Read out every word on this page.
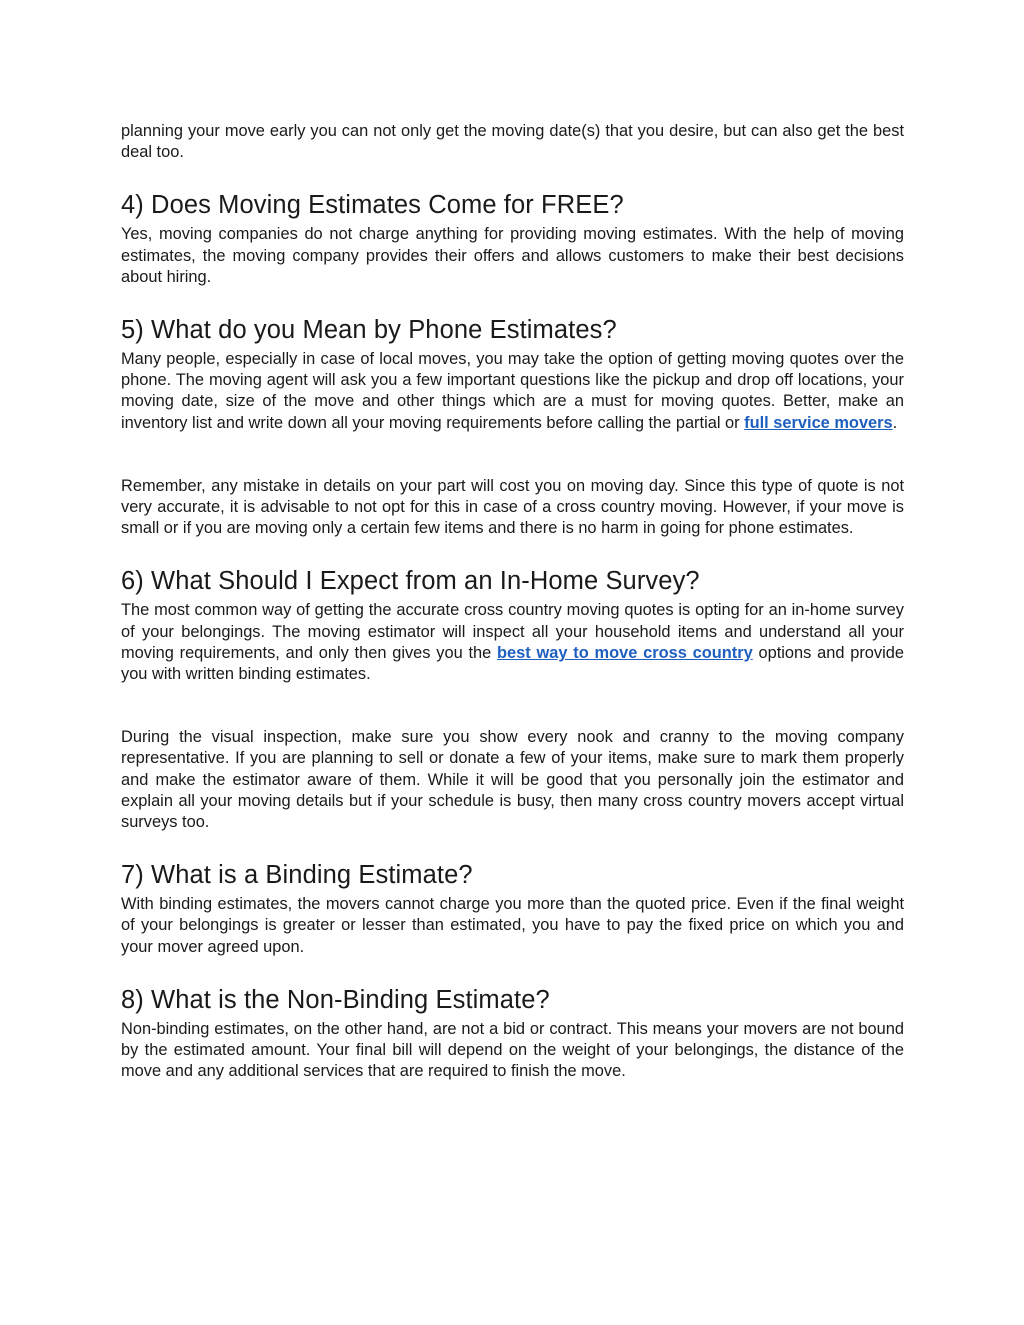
planning your move early you can not only get the moving date(s) that you desire, but can also get the best deal too.

4) Does Moving Estimates Come for FREE?

Yes, moving companies do not charge anything for providing moving estimates. With the help of moving estimates, the moving company provides their offers and allows customers to make their best decisions about hiring.

5) What do you Mean by Phone Estimates?

Many people, especially in case of local moves, you may take the option of getting moving quotes over the phone. The moving agent will ask you a few important questions like the pickup and drop off locations, your moving date, size of the move and other things which are a must for moving quotes. Better, make an inventory list and write down all your moving requirements before calling the partial or full service movers.

Remember, any mistake in details on your part will cost you on moving day. Since this type of quote is not very accurate, it is advisable to not opt for this in case of a cross country moving. However, if your move is small or if you are moving only a certain few items and there is no harm in going for phone estimates.

6) What Should I Expect from an In-Home Survey?

The most common way of getting the accurate cross country moving quotes is opting for an in-home survey of your belongings. The moving estimator will inspect all your household items and understand all your moving requirements, and only then gives you the best way to move cross country options and provide you with written binding estimates.

During the visual inspection, make sure you show every nook and cranny to the moving company representative. If you are planning to sell or donate a few of your items, make sure to mark them properly and make the estimator aware of them. While it will be good that you personally join the estimator and explain all your moving details but if your schedule is busy, then many cross country movers accept virtual surveys too.

7) What is a Binding Estimate?

With binding estimates, the movers cannot charge you more than the quoted price. Even if the final weight of your belongings is greater or lesser than estimated, you have to pay the fixed price on which you and your mover agreed upon.

8) What is the Non-Binding Estimate?

Non-binding estimates, on the other hand, are not a bid or contract. This means your movers are not bound by the estimated amount. Your final bill will depend on the weight of your belongings, the distance of the move and any additional services that are required to finish the move.
